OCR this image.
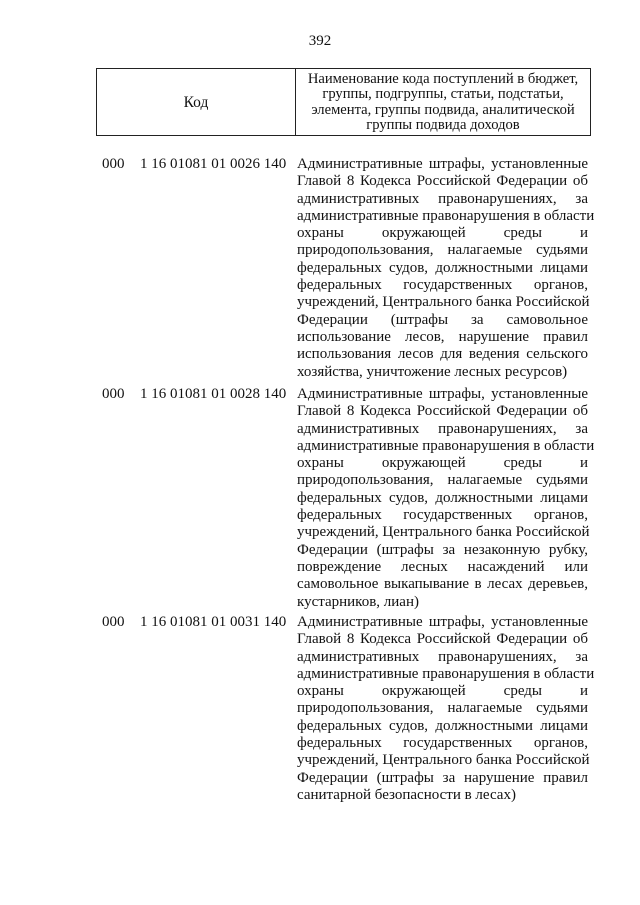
392
Код
Наименование кода поступлений в бюджет,
группы, подгруппы, статьи, подстатьи,
элемента, группы подвида, аналитической
группы подвида доходов
000 1 16 01081 01 0026 140 Административные штрафы, установленные
Главой 8 Кодекса Российской Федерации об
административных правонарушениях, за
административные правонарушения в области
охраны окружающей среды и
природопользования, налагаемые судьями
федеральных судов, должностными лицами
федеральных государственных органов,
учреждений, Центрального банка Российской
Федерации (штрафы за самовольное
использование лесов, нарушение правил
использования лесов для ведения сельского
хозяйства, уничтожение лесных ресурсов)
000 1 16 01081 01 0028 140 Административные штрафы, установленные
Главой 8 Кодекса Российской Федерации об
административных правонарушениях, за
административные правонарушения в области
охраны окружающей среды и
природопользования, налагаемые судьями
федеральных судов, должностными лицами
федеральных государственных органов,
учреждений, Центрального банка Российской
Федерации (штрафы за незаконную рубку,
повреждение лесных насаждений или
самовольное выкапывание в лесах деревьев,
кустарников, лиан)
000 1 16 01081 01 0031 140 Административные штрафы, установленные
Главой 8 Кодекса Российской Федерации об
административных правонарушениях, за
административные правонарушения в области
охраны окружающей среды и
природопользования, налагаемые судьями
федеральных судов, должностными лицами
федеральных государственных органов,
учреждений, Центрального банка Российской
Федерации (штрафы за нарушение правил
санитарной безопасности в лесах)
